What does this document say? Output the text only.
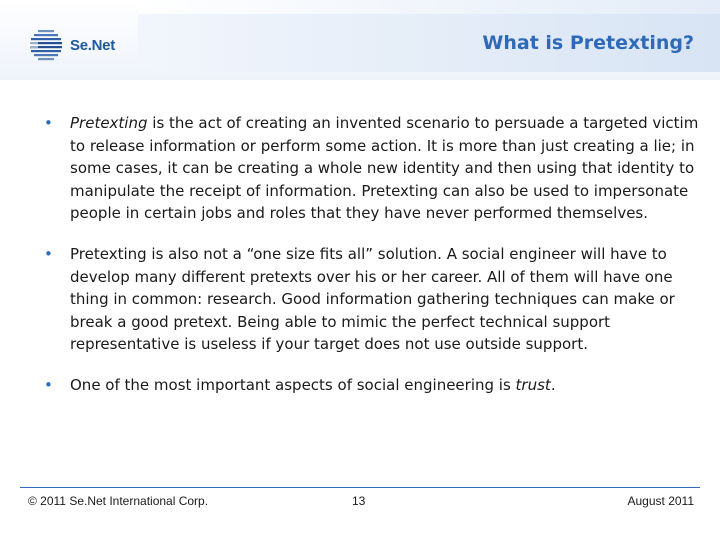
Se.Net	What is Pretexting?
• Pretexting is the act of creating an invented scenario to persuade a targeted victim to release information or perform some action. It is more than just creating a lie; in some cases, it can be creating a whole new identity and then using that identity to manipulate the receipt of information. Pretexting can also be used to impersonate people in certain jobs and roles that they have never performed themselves.

• Pretexting is also not a “one size fits all” solution. A social engineer will have to develop many different pretexts over his or her career. All of them will have one thing in common: research. Good information gathering techniques can make or break a good pretext. Being able to mimic the perfect technical support representative is useless if your target does not use outside support.

• One of the most important aspects of social engineering is trust.

© 2011 Se.Net International Corp.	13	August 2011
